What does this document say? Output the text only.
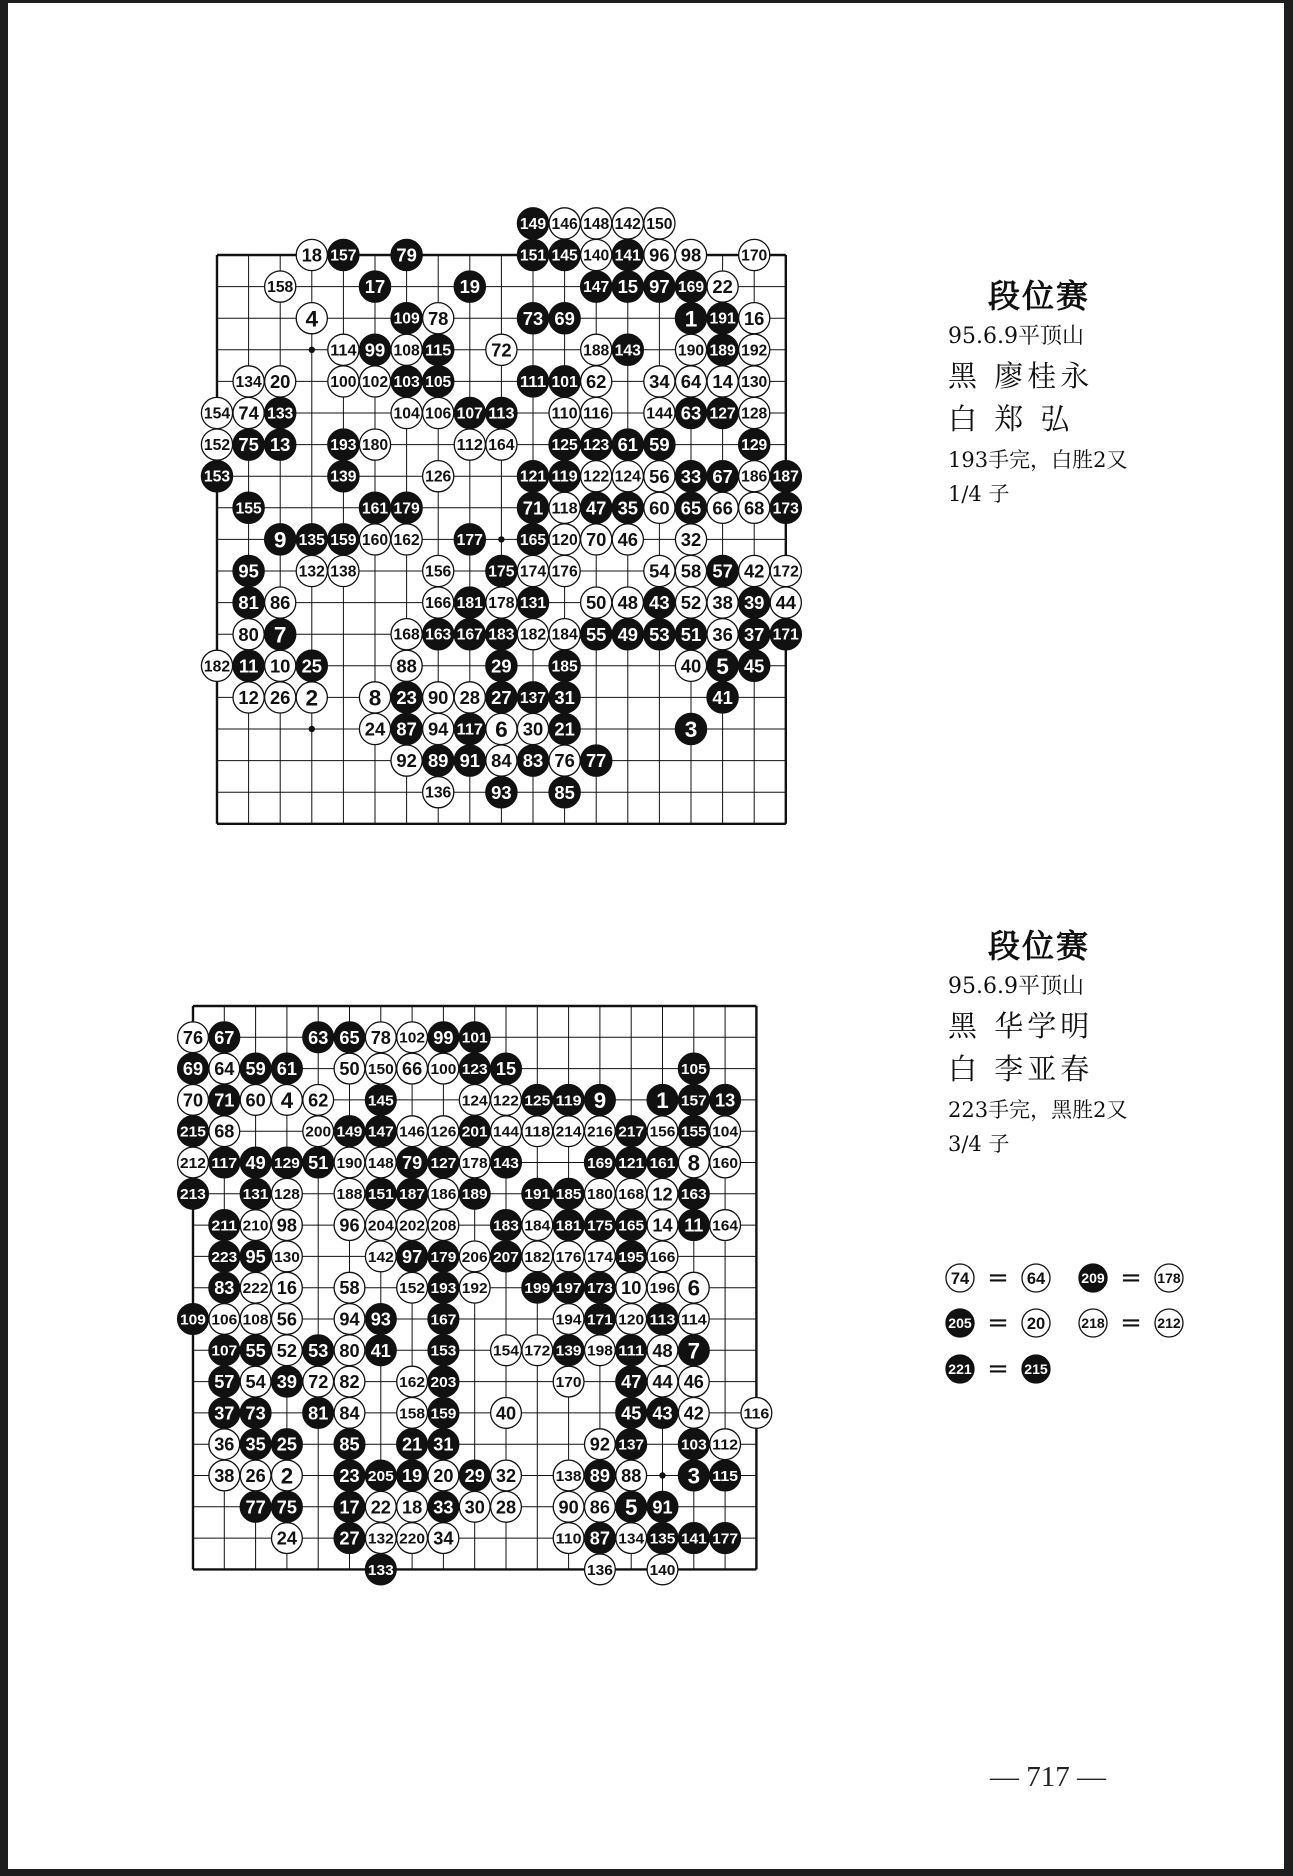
149 146 148 142 150
18 157 79	151 145 140 141 96 98	170
158	17	19	147 15 97 169 22
4	109 78	73 69	1 191 16
114 99 108 115 72	188 143 190 189 192
134 20	100 102 103 105	111 101 62 34 64 14 130
154 74 133	104 106 107 113 110 116 144 63 127 128
152 75 13	193 180	112 164 125 123 61 59	129
153	139	126	121 119 122 124 56 33 67 186 187
155	161 179	71 118 47 35 60 65 66 68 173
9 135 159 160 162 177 165 120 70 46 32
95	132 138	156 175 174 176	54 58 57 42 172
81 86	166 181 178 131 50 48 43 52 38 39 44
80 7	168 163 167 183 182 184 55 49 53 51 36 37 171
182 11 10 25	88	29	185	40 5 45
12 26 2 8 23 90 28 27 137 31	41
24 87 94 117 6 30 21	3
92 89 91 84 83 76 77
136 93 85
76 67	63 65 78 102 99 101
69 64 59 61 50 150 66 100 123 15	105
70 71 60 4 62	145	124 122 125 119 9 1 157 13
215 68	200 149 147 146 126 201 144 118 214 216 217 156 155 104
212 117 49 129 51 190 148 79 127 178 143	169 121 161 8 160
213 131 128 188 151 187 186 189 191 185 180 168 12 163
211 210 98 96 204 202 208 183 184 181 175 165 14 11 164
223 95 130	142 97 179 206 207 182 176 174 195 166
83 222 16 58	152 193 192 199 197 173 10 196 6
109 106 108 56 94 93	167	194 171 120 113 114
107 55 52 53 80 41	153 154 172 139 198 111 48 7
57 54 39 72 82	162 203	170 47 44 46
37 73 81 84	158 159 40	45 43 42	116
36 35 25 85 21 31	92 137 103 112
38 26 2	23 205 19 20 29 32	138 89 88 3 115
77 75 17 22 18 33 30 28 90 86 5 91
24 27 132 220 34	110 87 134 135 141 177
133	136 140
段位赛
95.6.9平顶山
黑 廖桂永
白 郑 弘
193手完，白胜2又
1/4 子
段位赛
95.6.9平顶山
黑 华学明
白 李亚春
223手完，黑胜2又
3/4 子
74 = 64	209 = 178
205 = 20	218 = 212
221 = 215
— 717 —
